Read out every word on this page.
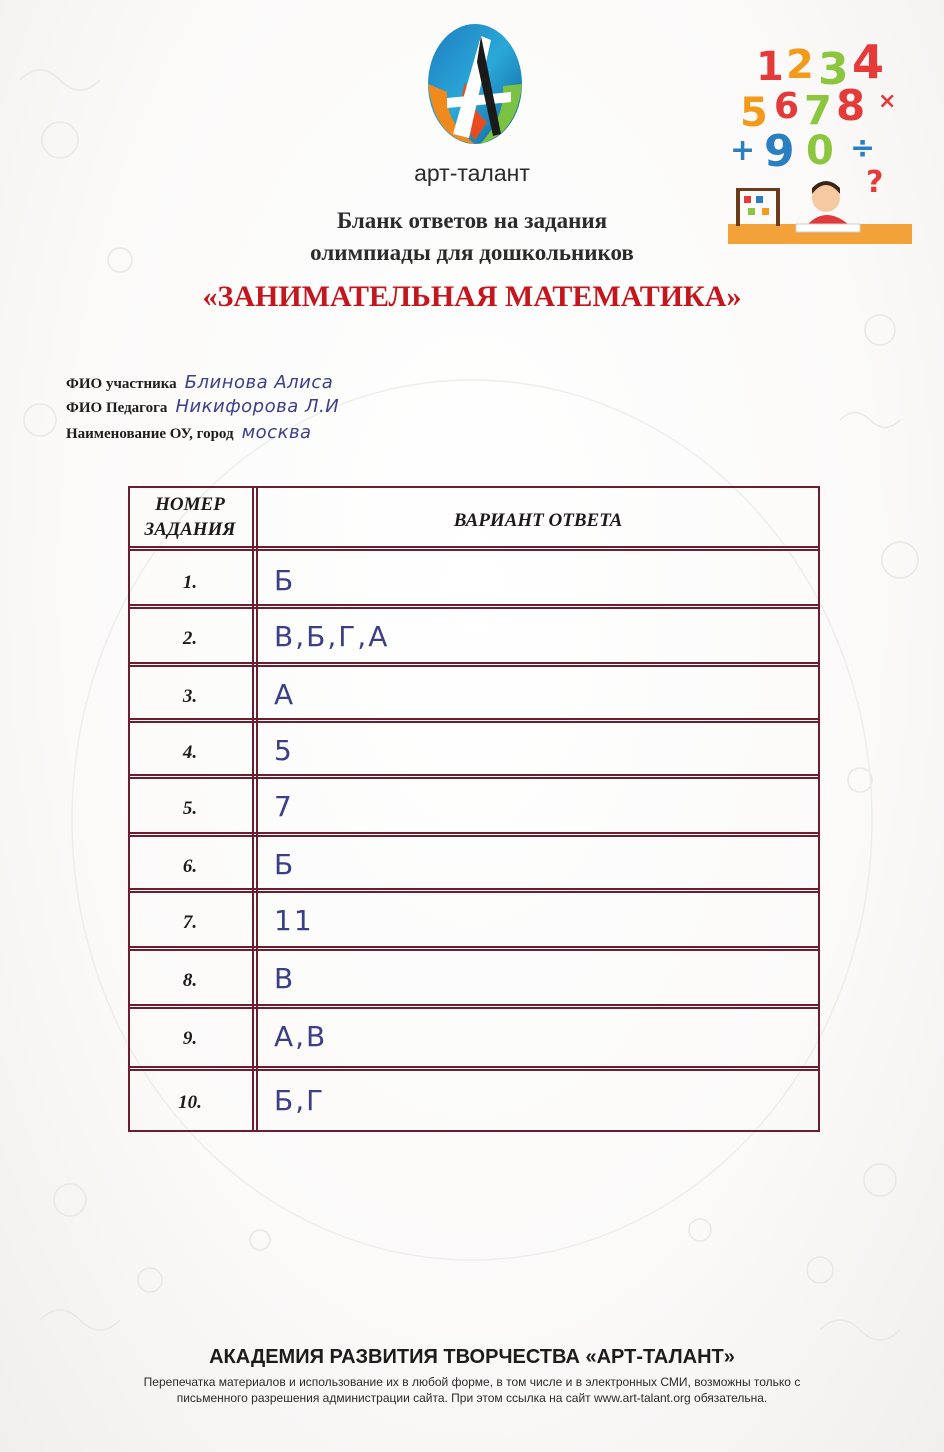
арт-талант
1 2 3 4
5 6 7 8
9 0
+
×
÷
?
Бланк ответов на задания
олимпиады для дошкольников
«ЗАНИМАТЕЛЬНАЯ МАТЕМАТИКА»
ФИО участника Блинова Алиса
ФИО Педагога Никифорова Л.И
Наименование ОУ, город москва
НОМЕР
ЗАДАНИЯ	ВАРИАНТ ОТВЕТА
1.	Б
2.	В,Б,Г,А
3.	А
4.	5
5.	7
6.	Б
7.	11
8.	В
9.	А,В
10.	Б,Г
АКАДЕМИЯ РАЗВИТИЯ ТВОРЧЕСТВА «АРТ-ТАЛАНТ»
Перепечатка материалов и использование их в любой форме, в том числе и в электронных СМИ, возможны только с
письменного разрешения администрации сайта. При этом ссылка на сайт www.art-talant.org обязательна.
